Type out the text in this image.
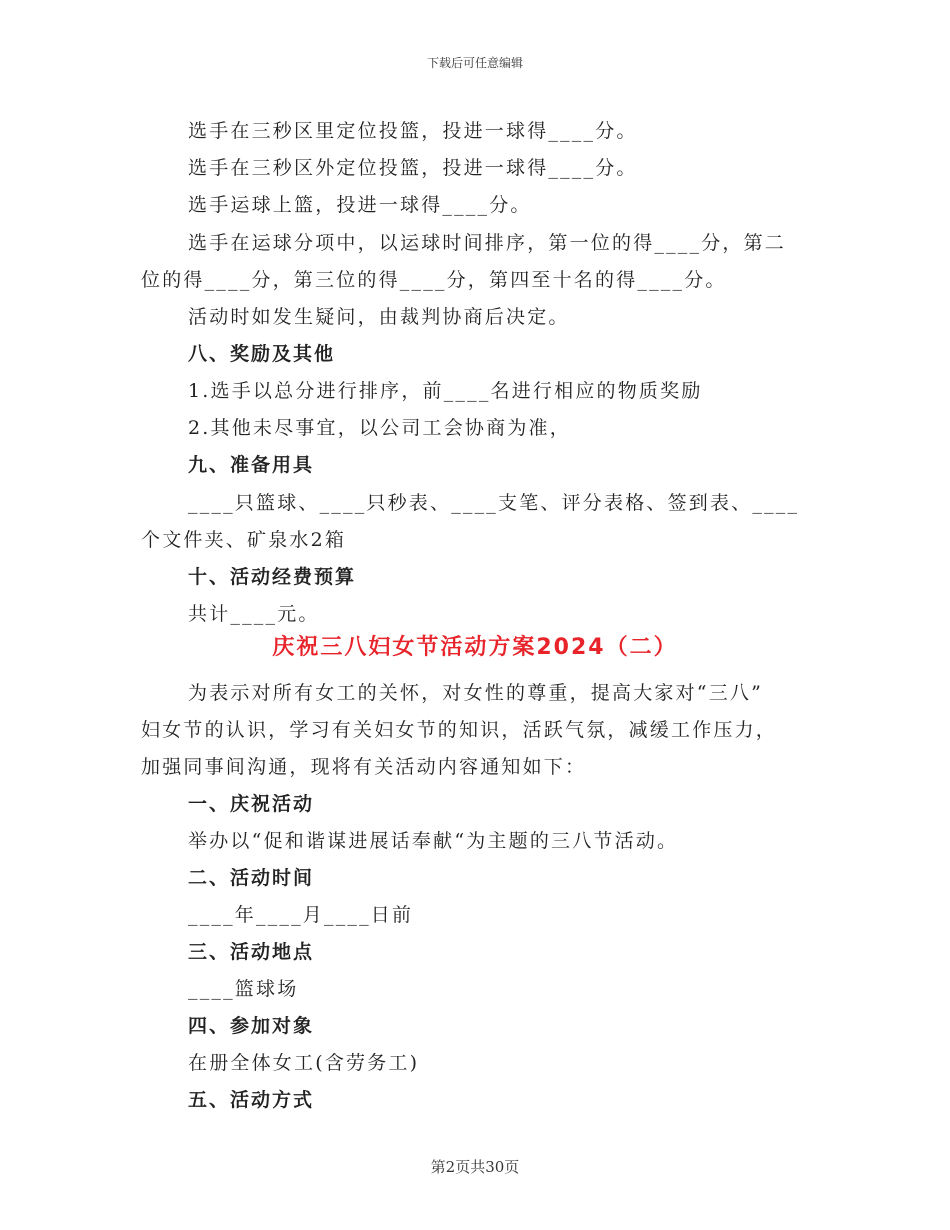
下载后可任意编辑
选手在三秒区里定位投篮，投进一球得____分。
选手在三秒区外定位投篮，投进一球得____分。
选手运球上篮，投进一球得____分。
选手在运球分项中，以运球时间排序，第一位的得____分，第二
位的得____分，第三位的得____分，第四至十名的得____分。
活动时如发生疑问，由裁判协商后决定。
八、奖励及其他
1.选手以总分进行排序，前____名进行相应的物质奖励
2.其他未尽事宜，以公司工会协商为准，
九、准备用具
____只篮球、____只秒表、____支笔、评分表格、签到表、____
个文件夹、矿泉水2箱
十、活动经费预算
共计____元。
庆祝三八妇女节活动方案2024（二）
为表示对所有女工的关怀，对女性的尊重，提高大家对“三八”
妇女节的认识，学习有关妇女节的知识，活跃气氛，减缓工作压力，
加强同事间沟通，现将有关活动内容通知如下：
一、庆祝活动
举办以“促和谐谋进展话奉献“为主题的三八节活动。
二、活动时间
____年____月____日前
三、活动地点
____篮球场
四、参加对象
在册全体女工(含劳务工)
五、活动方式
第2页共30页
